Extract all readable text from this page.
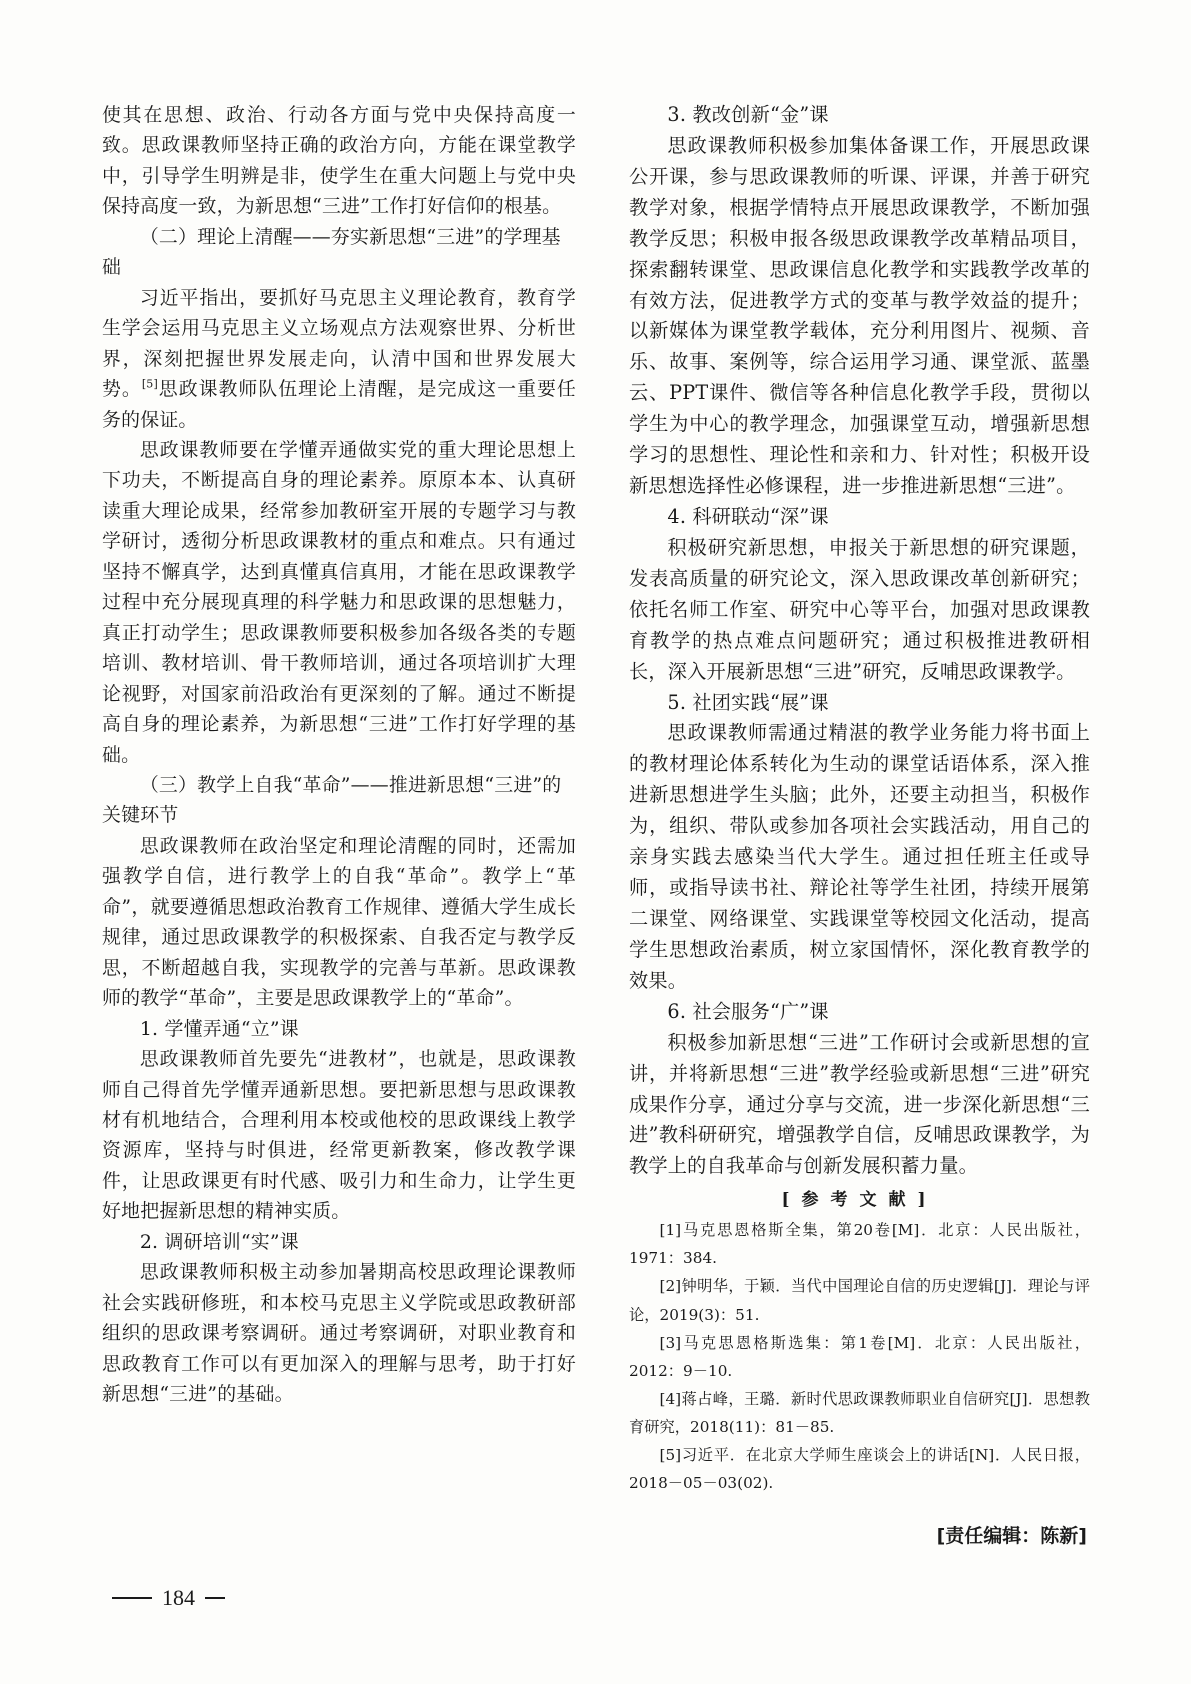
使其在思想、政治、行动各方面与党中央保持高度一致。思政课教师坚持正确的政治方向，方能在课堂教学中，引导学生明辨是非，使学生在重大问题上与党中央保持高度一致，为新思想“三进”工作打好信仰的根基。

（二）理论上清醒——夯实新思想“三进”的学理基础

习近平指出，要抓好马克思主义理论教育，教育学生学会运用马克思主义立场观点方法观察世界、分析世界，深刻把握世界发展走向，认清中国和世界发展大势。[5]思政课教师队伍理论上清醒，是完成这一重要任务的保证。

思政课教师要在学懂弄通做实党的重大理论思想上下功夫，不断提高自身的理论素养。原原本本、认真研读重大理论成果，经常参加教研室开展的专题学习与教学研讨，透彻分析思政课教材的重点和难点。只有通过坚持不懈真学，达到真懂真信真用，才能在思政课教学过程中充分展现真理的科学魅力和思政课的思想魅力，真正打动学生；思政课教师要积极参加各级各类的专题培训、教材培训、骨干教师培训，通过各项培训扩大理论视野，对国家前沿政治有更深刻的了解。通过不断提高自身的理论素养，为新思想“三进”工作打好学理的基础。

（三）教学上自我“革命”——推进新思想“三进”的关键环节

思政课教师在政治坚定和理论清醒的同时，还需加强教学自信，进行教学上的自我“革命”。教学上“革命”，就要遵循思想政治教育工作规律、遵循大学生成长规律，通过思政课教学的积极探索、自我否定与教学反思，不断超越自我，实现教学的完善与革新。思政课教师的教学“革命”，主要是思政课教学上的“革命”。

1. 学懂弄通“立”课

思政课教师首先要先“进教材”，也就是，思政课教师自己得首先学懂弄通新思想。要把新思想与思政课教材有机地结合，合理利用本校或他校的思政课线上教学资源库，坚持与时俱进，经常更新教案，修改教学课件，让思政课更有时代感、吸引力和生命力，让学生更好地把握新思想的精神实质。

2. 调研培训“实”课

思政课教师积极主动参加暑期高校思政理论课教师社会实践研修班，和本校马克思主义学院或思政教研部组织的思政课考察调研。通过考察调研，对职业教育和思政教育工作可以有更加深入的理解与思考，助于打好新思想“三进”的基础。

3. 教改创新“金”课

思政课教师积极参加集体备课工作，开展思政课公开课，参与思政课教师的听课、评课，并善于研究教学对象，根据学情特点开展思政课教学，不断加强教学反思；积极申报各级思政课教学改革精品项目，探索翻转课堂、思政课信息化教学和实践教学改革的有效方法，促进教学方式的变革与教学效益的提升；以新媒体为课堂教学载体，充分利用图片、视频、音乐、故事、案例等，综合运用学习通、课堂派、蓝墨云、PPT课件、微信等各种信息化教学手段，贯彻以学生为中心的教学理念，加强课堂互动，增强新思想学习的思想性、理论性和亲和力、针对性；积极开设新思想选择性必修课程，进一步推进新思想“三进”。

4. 科研联动“深”课

积极研究新思想，申报关于新思想的研究课题，发表高质量的研究论文，深入思政课改革创新研究；依托名师工作室、研究中心等平台，加强对思政课教育教学的热点难点问题研究；通过积极推进教研相长，深入开展新思想“三进”研究，反哺思政课教学。

5. 社团实践“展”课

思政课教师需通过精湛的教学业务能力将书面上的教材理论体系转化为生动的课堂话语体系，深入推进新思想进学生头脑；此外，还要主动担当，积极作为，组织、带队或参加各项社会实践活动，用自己的亲身实践去感染当代大学生。通过担任班主任或导师，或指导读书社、辩论社等学生社团，持续开展第二课堂、网络课堂、实践课堂等校园文化活动，提高学生思想政治素质，树立家国情怀，深化教育教学的效果。

6. 社会服务“广”课

积极参加新思想“三进”工作研讨会或新思想的宣讲，并将新思想“三进”教学经验或新思想“三进”研究成果作分享，通过分享与交流，进一步深化新思想“三进”教科研研究，增强教学自信，反哺思政课教学，为教学上的自我革命与创新发展积蓄力量。

[参考文献]

[1]马克思恩格斯全集，第20卷[M]．北京：人民出版社，1971：384.

[2]钟明华，于颖．当代中国理论自信的历史逻辑[J]．理论与评论，2019(3)：51.

[3]马克思恩格斯选集：第1卷[M]．北京：人民出版社，2012：9－10.

[4]蒋占峰，王璐．新时代思政课教师职业自信研究[J]．思想教育研究，2018(11)：81－85.

[5]习近平．在北京大学师生座谈会上的讲话[N]．人民日报，2018－05－03(02).

[责任编辑：陈新]
184
